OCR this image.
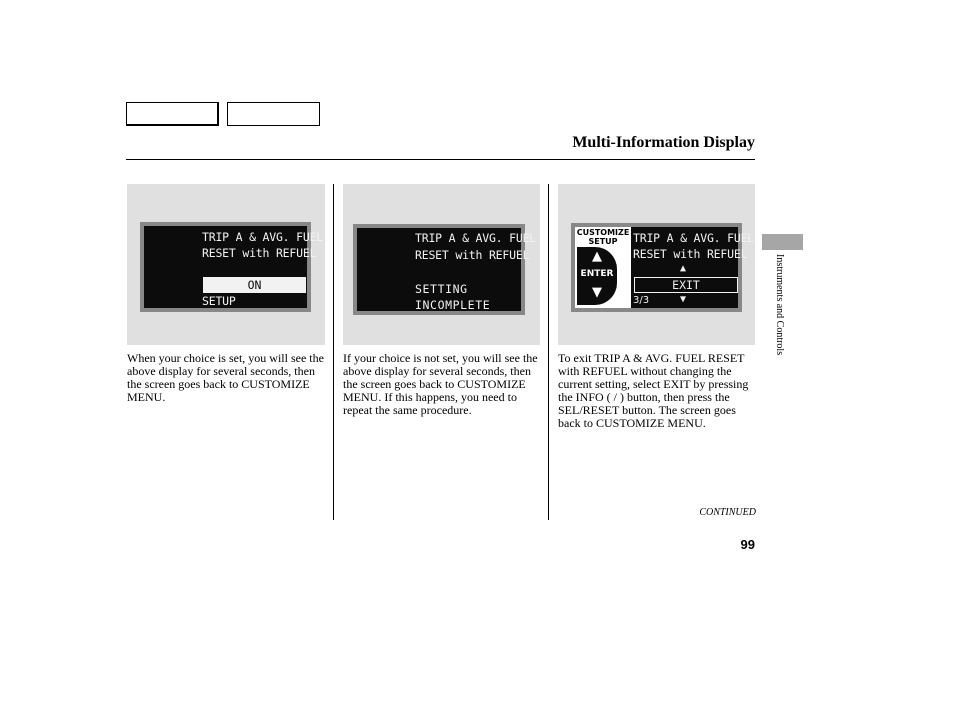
Multi-Information Display
TRIP A & AVG. FUEL
RESET with REFUEL
ON
SETUP
TRIP A & AVG. FUEL
RESET with REFUEL
SETTING
INCOMPLETE
CUSTOMIZE
SETUP
▲
ENTER
▼
TRIP A & AVG. FUEL
RESET with REFUEL
▲
EXIT
▼
3/3
When your choice is set, you will see the above display for several seconds, then the screen goes back to CUSTOMIZE MENU.
If your choice is not set, you will see the above display for several seconds, then the screen goes back to CUSTOMIZE MENU. If this happens, you need to repeat the same procedure.
To exit TRIP A & AVG. FUEL RESET with REFUEL without changing the current setting, select EXIT by pressing the INFO ( / ) button, then press the SEL/RESET button. The screen goes back to CUSTOMIZE MENU.
Instruments and Controls
CONTINUED
99
